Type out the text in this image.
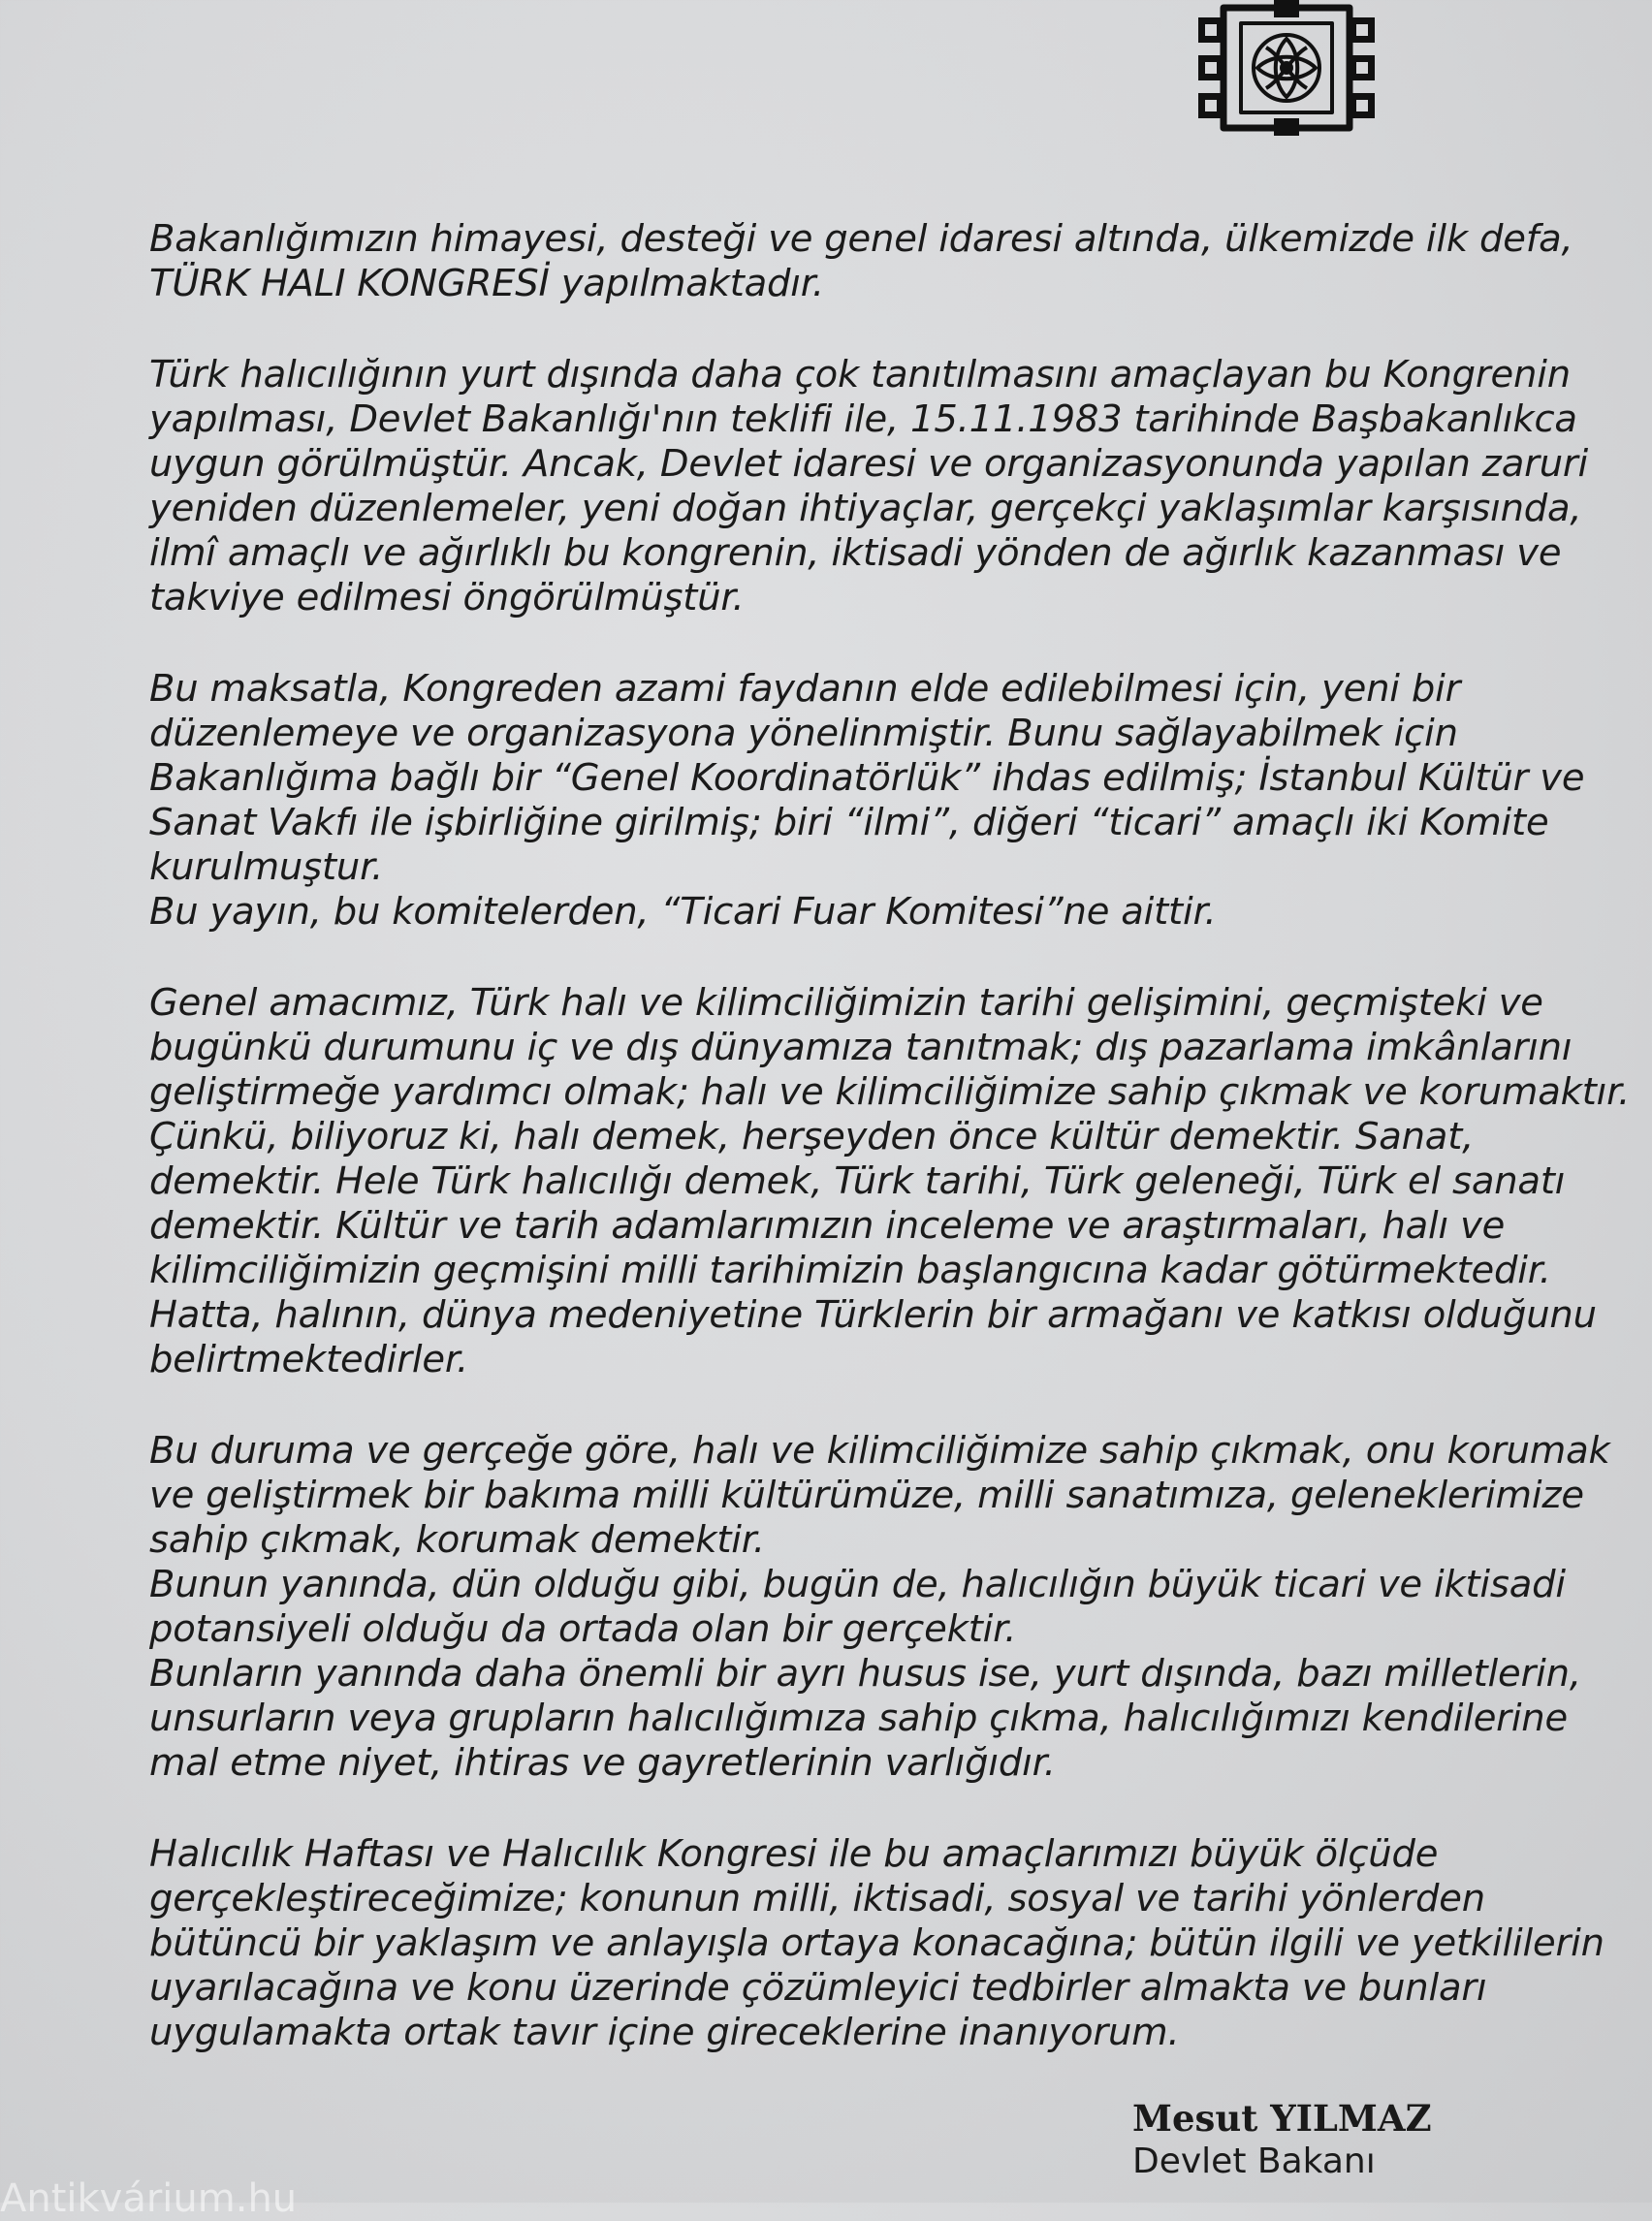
Bakanlığımızın himayesi, desteği ve genel idaresi altında, ülkemizde ilk defa,
TÜRK HALI KONGRESİ yapılmaktadır.
Türk halıcılığının yurt dışında daha çok tanıtılmasını amaçlayan bu Kongrenin
yapılması, Devlet Bakanlığı'nın teklifi ile, 15.11.1983 tarihinde Başbakanlıkca
uygun görülmüştür. Ancak, Devlet idaresi ve organizasyonunda yapılan zaruri
yeniden düzenlemeler, yeni doğan ihtiyaçlar, gerçekçi yaklaşımlar karşısında,
ilmî amaçlı ve ağırlıklı bu kongrenin, iktisadi yönden de ağırlık kazanması ve
takviye edilmesi öngörülmüştür.
Bu maksatla, Kongreden azami faydanın elde edilebilmesi için, yeni bir
düzenlemeye ve organizasyona yönelinmiştir. Bunu sağlayabilmek için
Bakanlığıma bağlı bir “Genel Koordinatörlük” ihdas edilmiş; İstanbul Kültür ve
Sanat Vakfı ile işbirliğine girilmiş; biri “ilmi”, diğeri “ticari” amaçlı iki Komite
kurulmuştur.
Bu yayın, bu komitelerden, “Ticari Fuar Komitesi”ne aittir.
Genel amacımız, Türk halı ve kilimciliğimizin tarihi gelişimini, geçmişteki ve
bugünkü durumunu iç ve dış dünyamıza tanıtmak; dış pazarlama imkânlarını
geliştirmeğe yardımcı olmak; halı ve kilimciliğimize sahip çıkmak ve korumaktır.
Çünkü, biliyoruz ki, halı demek, herşeyden önce kültür demektir. Sanat,
demektir. Hele Türk halıcılığı demek, Türk tarihi, Türk geleneği, Türk el sanatı
demektir. Kültür ve tarih adamlarımızın inceleme ve araştırmaları, halı ve
kilimciliğimizin geçmişini milli tarihimizin başlangıcına kadar götürmektedir.
Hatta, halının, dünya medeniyetine Türklerin bir armağanı ve katkısı olduğunu
belirtmektedirler.
Bu duruma ve gerçeğe göre, halı ve kilimciliğimize sahip çıkmak, onu korumak
ve geliştirmek bir bakıma milli kültürümüze, milli sanatımıza, geleneklerimize
sahip çıkmak, korumak demektir.
Bunun yanında, dün olduğu gibi, bugün de, halıcılığın büyük ticari ve iktisadi
potansiyeli olduğu da ortada olan bir gerçektir.
Bunların yanında daha önemli bir ayrı husus ise, yurt dışında, bazı milletlerin,
unsurların veya grupların halıcılığımıza sahip çıkma, halıcılığımızı kendilerine
mal etme niyet, ihtiras ve gayretlerinin varlığıdır.
Halıcılık Haftası ve Halıcılık Kongresi ile bu amaçlarımızı büyük ölçüde
gerçekleştireceğimize; konunun milli, iktisadi, sosyal ve tarihi yönlerden
bütüncü bir yaklaşım ve anlayışla ortaya konacağına; bütün ilgili ve yetkililerin
uyarılacağına ve konu üzerinde çözümleyici tedbirler almakta ve bunları
uygulamakta ortak tavır içine gireceklerine inanıyorum.
Mesut YILMAZ
Devlet Bakanı
Antikvárium.hu
